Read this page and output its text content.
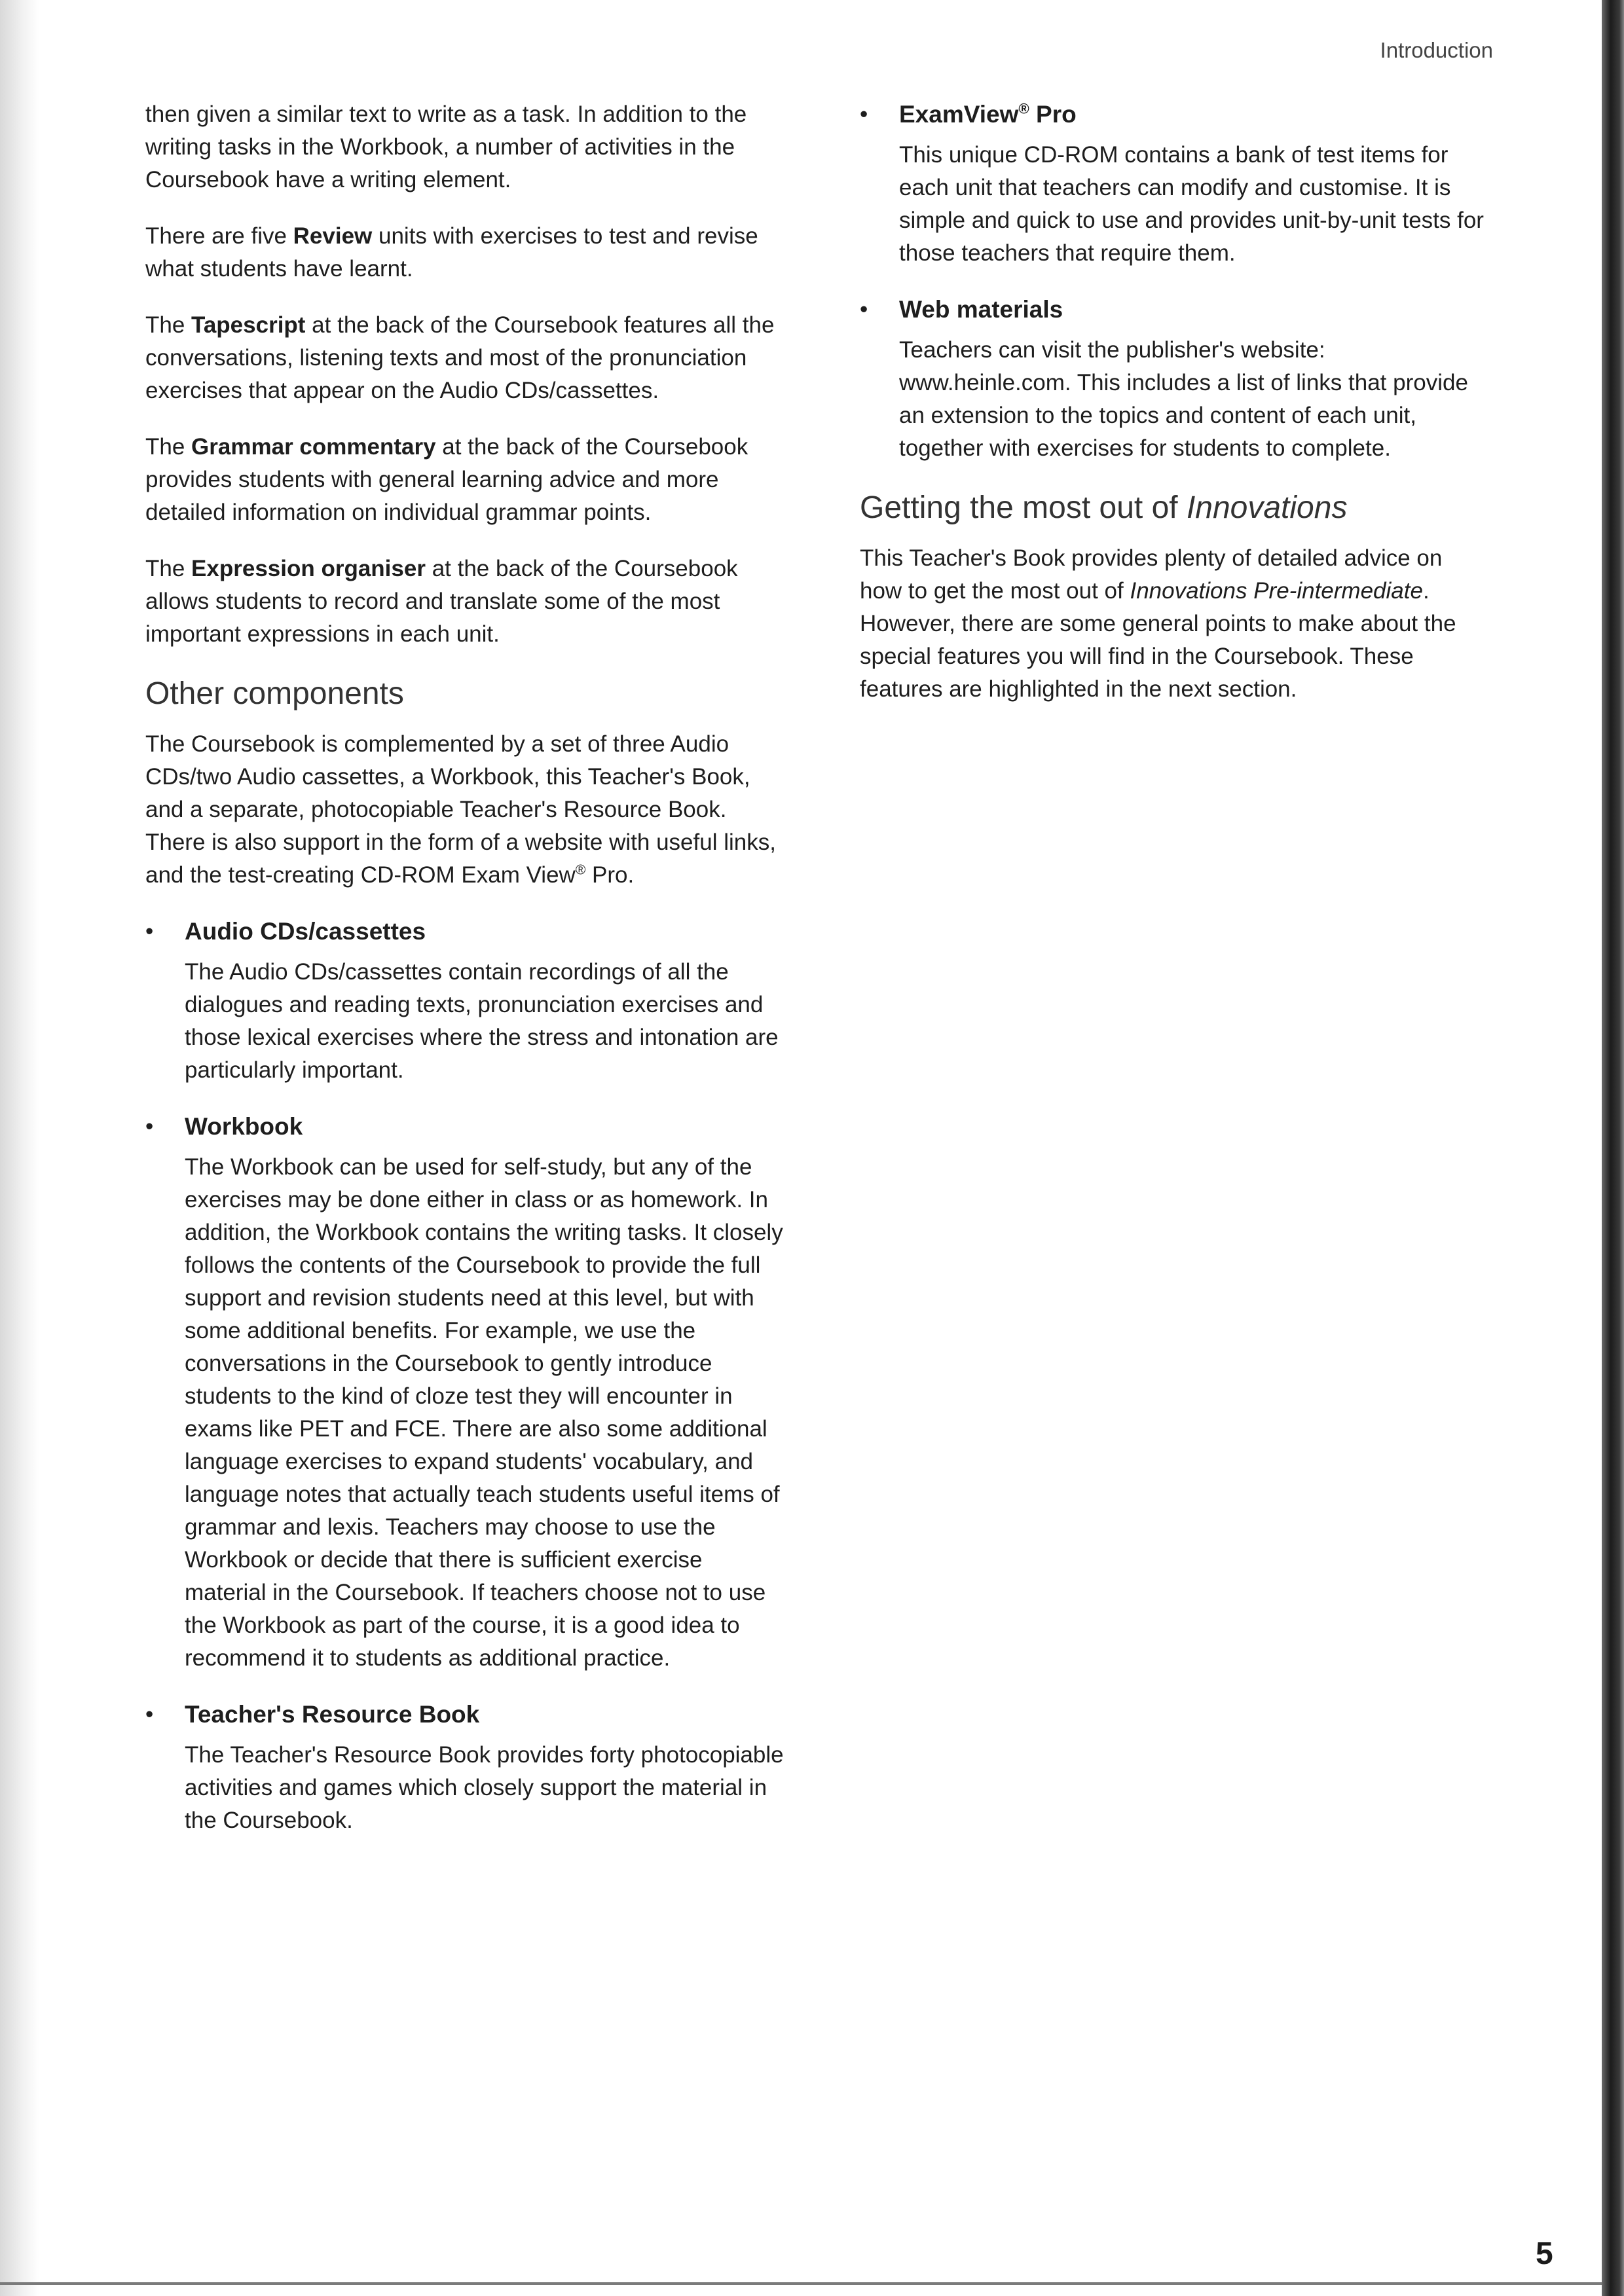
Introduction

then given a similar text to write as a task. In addition to the writing tasks in the Workbook, a number of activities in the Coursebook have a writing element.

There are five Review units with exercises to test and revise what students have learnt.

The Tapescript at the back of the Coursebook features all the conversations, listening texts and most of the pronunciation exercises that appear on the Audio CDs/cassettes.

The Grammar commentary at the back of the Coursebook provides students with general learning advice and more detailed information on individual grammar points.

The Expression organiser at the back of the Coursebook allows students to record and translate some of the most important expressions in each unit.

Other components

The Coursebook is complemented by a set of three Audio CDs/two Audio cassettes, a Workbook, this Teacher's Book, and a separate, photocopiable Teacher's Resource Book. There is also support in the form of a website with useful links, and the test-creating CD-ROM Exam View® Pro.

• Audio CDs/cassettes
The Audio CDs/cassettes contain recordings of all the dialogues and reading texts, pronunciation exercises and those lexical exercises where the stress and intonation are particularly important.
• Workbook
The Workbook can be used for self-study, but any of the exercises may be done either in class or as homework. In addition, the Workbook contains the writing tasks. It closely follows the contents of the Coursebook to provide the full support and revision students need at this level, but with some additional benefits. For example, we use the conversations in the Coursebook to gently introduce students to the kind of cloze test they will encounter in exams like PET and FCE. There are also some additional language exercises to expand students' vocabulary, and language notes that actually teach students useful items of grammar and lexis. Teachers may choose to use the Workbook or decide that there is sufficient exercise material in the Coursebook. If teachers choose not to use the Workbook as part of the course, it is a good idea to recommend it to students as additional practice.
• Teacher's Resource Book
The Teacher's Resource Book provides forty photocopiable activities and games which closely support the material in the Coursebook.
• ExamView® Pro
This unique CD-ROM contains a bank of test items for each unit that teachers can modify and customise. It is simple and quick to use and provides unit-by-unit tests for those teachers that require them.
• Web materials
Teachers can visit the publisher's website: www.heinle.com. This includes a list of links that provide an extension to the topics and content of each unit, together with exercises for students to complete.
Getting the most out of Innovations

This Teacher's Book provides plenty of detailed advice on how to get the most out of Innovations Pre-intermediate. However, there are some general points to make about the special features you will find in the Coursebook. These features are highlighted in the next section.

5
